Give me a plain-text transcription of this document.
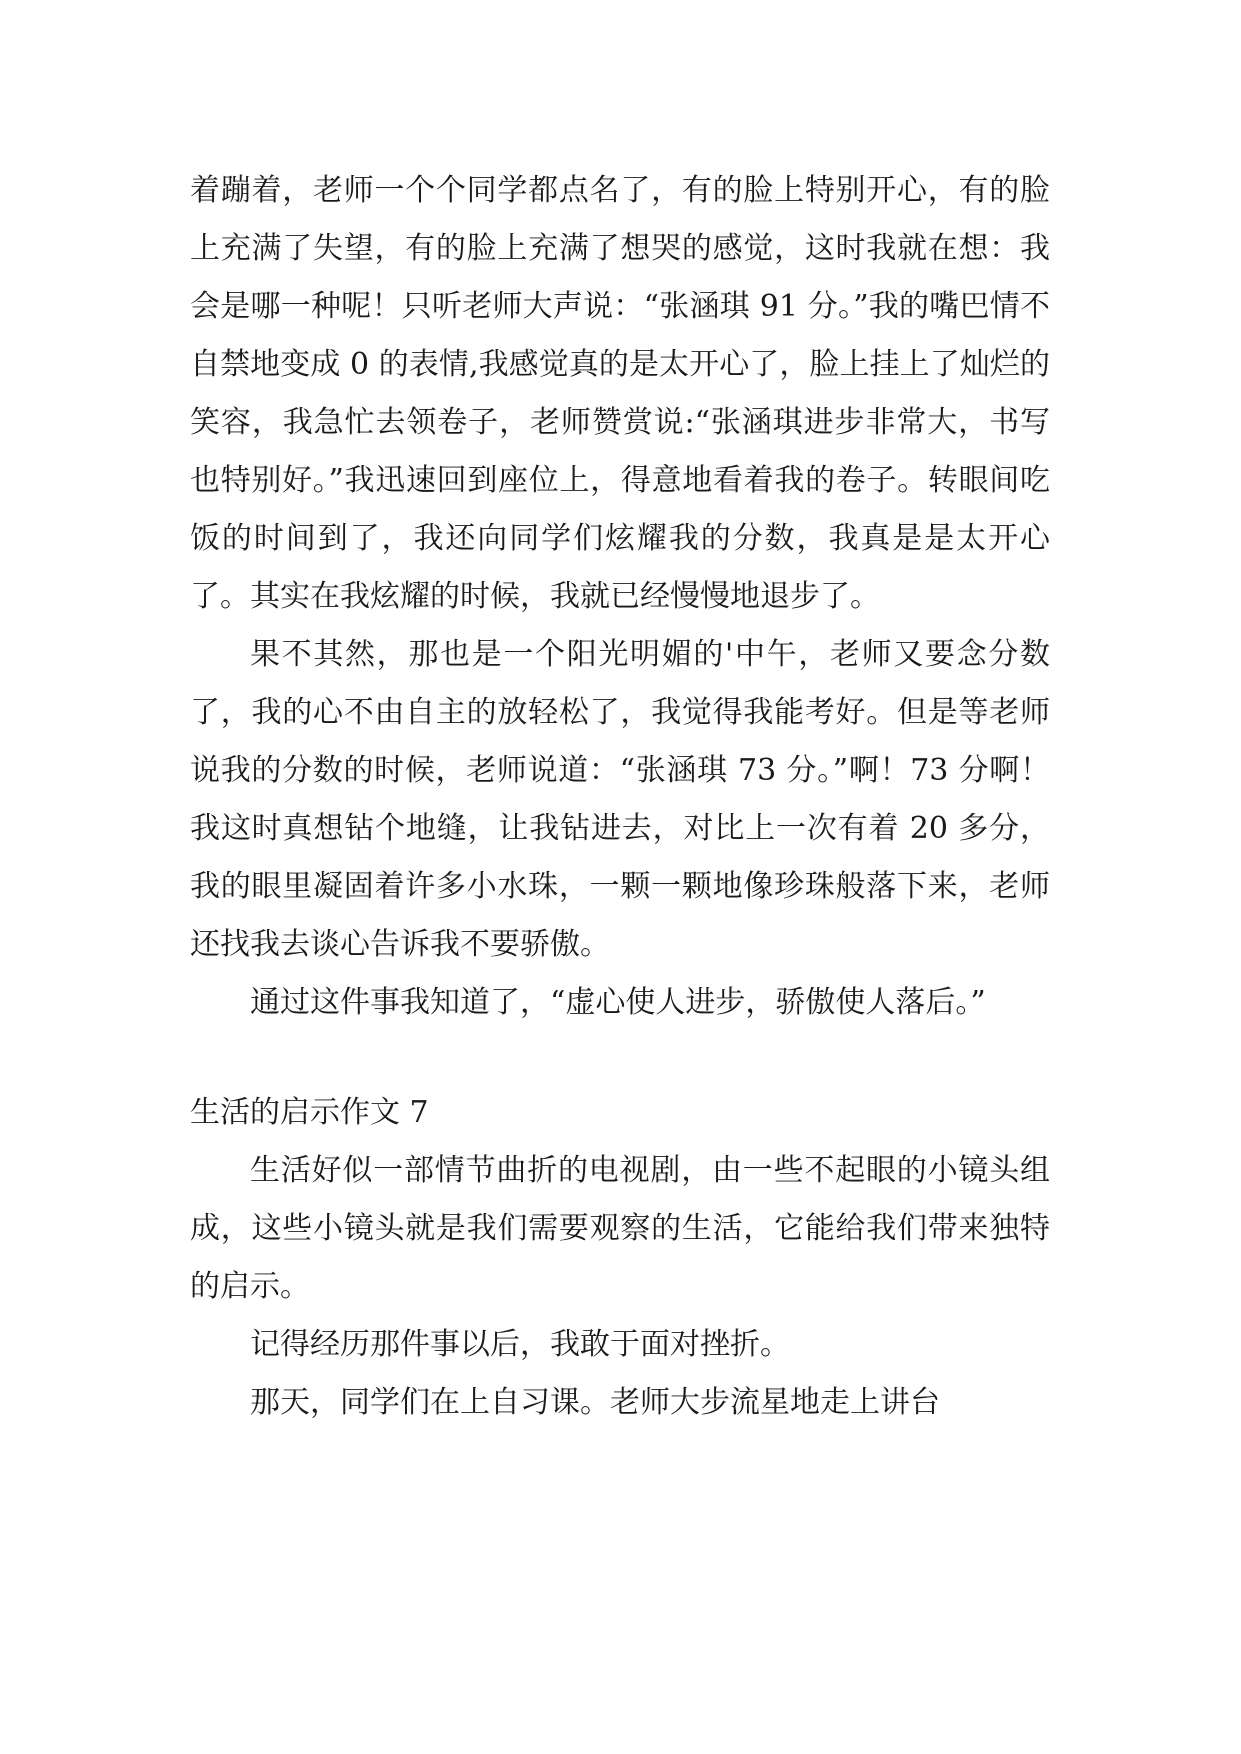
着蹦着，老师一个个同学都点名了，有的脸上特别开心，有的脸上充满了失望，有的脸上充满了想哭的感觉，这时我就在想：我会是哪一种呢！只听老师大声说：“张涵琪 91 分。”我的嘴巴情不自禁地变成 0 的表情,我感觉真的是太开心了，脸上挂上了灿烂的笑容，我急忙去领卷子，老师赞赏说:“张涵琪进步非常大，书写也特别好。”我迅速回到座位上，得意地看着我的卷子。转眼间吃饭的时间到了，我还向同学们炫耀我的分数，我真是是太开心了。其实在我炫耀的时候，我就已经慢慢地退步了。

果不其然，那也是一个阳光明媚的'中午，老师又要念分数了，我的心不由自主的放轻松了，我觉得我能考好。但是等老师说我的分数的时候，老师说道：“张涵琪 73 分。”啊！73 分啊！我这时真想钻个地缝，让我钻进去，对比上一次有着 20 多分，我的眼里凝固着许多小水珠，一颗一颗地像珍珠般落下来，老师还找我去谈心告诉我不要骄傲。

通过这件事我知道了，“虚心使人进步，骄傲使人落后。”

生活的启示作文 7

生活好似一部情节曲折的电视剧，由一些不起眼的小镜头组成，这些小镜头就是我们需要观察的生活，它能给我们带来独特的启示。

记得经历那件事以后，我敢于面对挫折。

那天，同学们在上自习课。老师大步流星地走上讲台
